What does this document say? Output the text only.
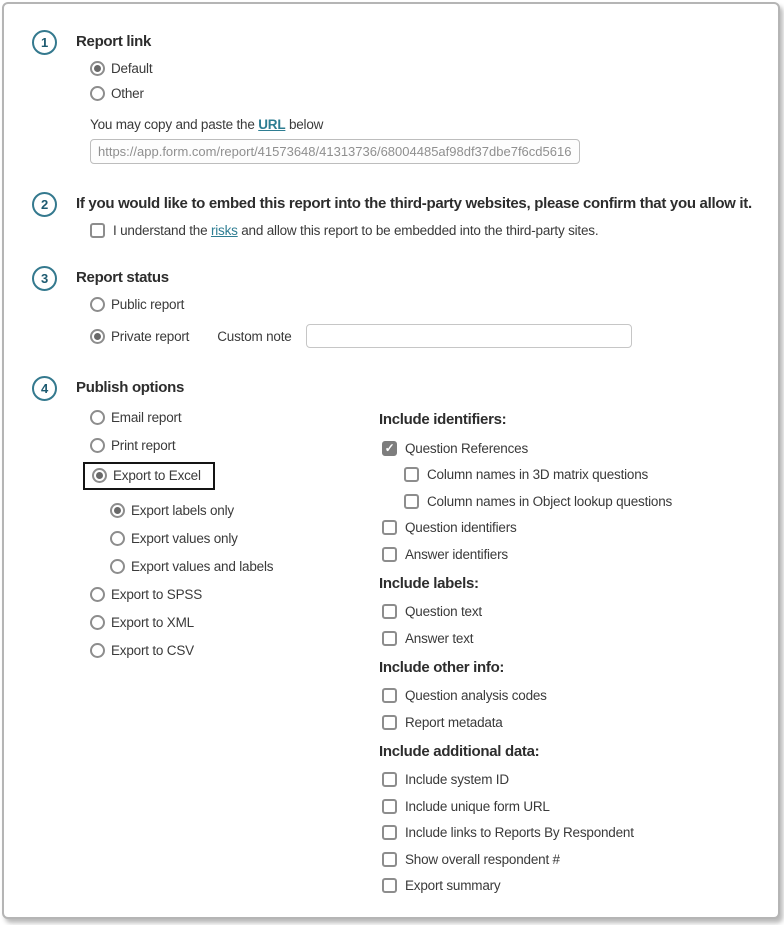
1	Report link
Default
Other
You may copy and paste the URL below
https://app.form.com/report/41573648/41313736/68004485af98df37dbe7f6cd5616
2	If you would like to embed this report into the third-party websites, please confirm that you allow it.
I understand the risks and allow this report to be embedded into the third-party sites.
3	Report status
Public report
Private report Custom note
4	Publish options
Email report
Print report
Export to Excel
Export labels only
Export values only
Export values and labels
Export to SPSS
Export to XML
Export to CSV
Include identifiers:
✓
Question References
Column names in 3D matrix questions
Column names in Object lookup questions
Question identifiers
Answer identifiers
Include labels:
Question text
Answer text
Include other info:
Question analysis codes
Report metadata
Include additional data:
Include system ID
Include unique form URL
Include links to Reports By Respondent
Show overall respondent #
Export summary
